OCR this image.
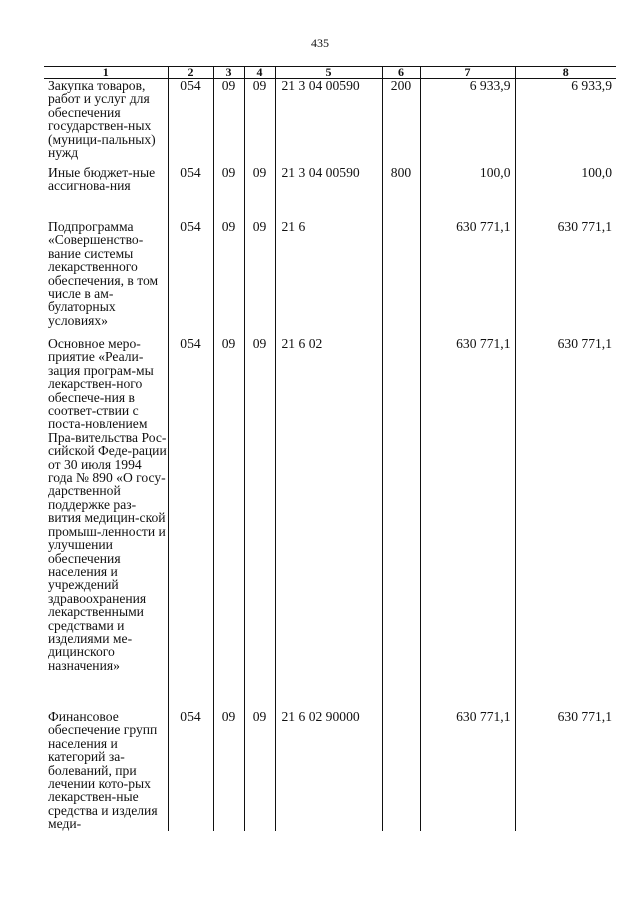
435
1	2	3	4	5	6	7	8

Закупка товаров, работ и услуг для обеспечения государствен-ных (муници-пальных) нужд	054	09	09	21 3 04 00590	200	6 933,9	6 933,9

Иные бюджет-ные ассигнова-ния	054	09	09	21 3 04 00590	800	100,0	100,0

Подпрограмма «Совершенство-вание системы лекарственного обеспечения, в том числе в ам-булаторных условиях»	054	09	09	21 6		630 771,1	630 771,1

Основное меро-приятие «Реали-зация програм-мы лекарствен-ного обеспече-ния в соответ-ствии с поста-новлением Пра-вительства Рос-сийской Феде-рации от 30 июля 1994 года № 890 «О госу-дарственной поддержке раз-вития медицин-ской промыш-ленности и улучшении обеспечения населения и учреждений здравоохранения лекарственными средствами и изделиями ме-дицинского назначения»	054	09	09	21 6 02		630 771,1	630 771,1

Финансовое обеспечение групп населения и категорий за-болеваний, при лечении кото-рых лекарствен-ные средства и изделия меди-	054	09	09	21 6 02 90000		630 771,1	630 771,1
